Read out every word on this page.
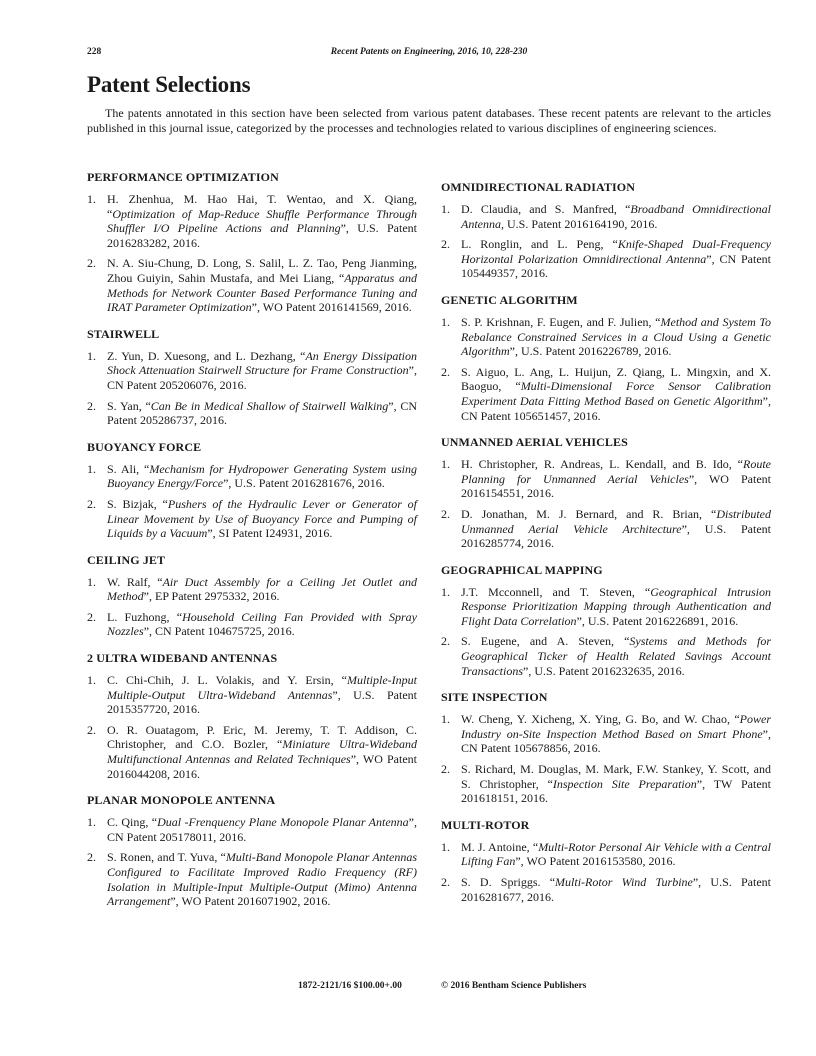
228	Recent Patents on Engineering, 2016, 10, 228-230
Patent Selections

The patents annotated in this section have been selected from various patent databases. These recent patents are relevant to the articles published in this journal issue, categorized by the processes and technologies related to various disciplines of engineering sciences.

PERFORMANCE OPTIMIZATION
1. H. Zhenhua, M. Hao Hai, T. Wentao, and X. Qiang, “Optimization of Map-Reduce Shuffle Performance Through Shuffler I/O Pipeline Actions and Planning”, U.S. Patent 2016283282, 2016.
2. N. A. Siu-Chung, D. Long, S. Salil, L. Z. Tao, Peng Jianming, Zhou Guiyin, Sahin Mustafa, and Mei Liang, “Apparatus and Methods for Network Counter Based Performance Tuning and IRAT Parameter Optimization”, WO Patent 2016141569, 2016.
STAIRWELL
1. Z. Yun, D. Xuesong, and L. Dezhang, “An Energy Dissipation Shock Attenuation Stairwell Structure for Frame Construction”, CN Patent 205206076, 2016.
2. S. Yan, “Can Be in Medical Shallow of Stairwell Walking”, CN Patent 205286737, 2016.
BUOYANCY FORCE
1. S. Ali, “Mechanism for Hydropower Generating System using Buoyancy Energy/Force”, U.S. Patent 2016281676, 2016.
2. S. Bizjak, “Pushers of the Hydraulic Lever or Generator of Linear Movement by Use of Buoyancy Force and Pumping of Liquids by a Vacuum”, SI Patent I24931, 2016.
CEILING JET
1. W. Ralf, “Air Duct Assembly for a Ceiling Jet Outlet and Method”, EP Patent 2975332, 2016.
2. L. Fuzhong, “Household Ceiling Fan Provided with Spray Nozzles”, CN Patent 104675725, 2016.
2 ULTRA WIDEBAND ANTENNAS
1. C. Chi-Chih, J. L. Volakis, and Y. Ersin, “Multiple-Input Multiple-Output Ultra-Wideband Antennas”, U.S. Patent 2015357720, 2016.
2. O. R. Ouatagom, P. Eric, M. Jeremy, T. T. Addison, C. Christopher, and C.O. Bozler, “Miniature Ultra-Wideband Multifunctional Antennas and Related Techniques”, WO Patent 2016044208, 2016.
PLANAR MONOPOLE ANTENNA
1. C. Qing, “Dual -Frenquency Plane Monopole Planar Antenna”, CN Patent 205178011, 2016.
2. S. Ronen, and T. Yuva, “Multi-Band Monopole Planar Antennas Configured to Facilitate Improved Radio Frequency (RF) Isolation in Multiple-Input Multiple-Output (Mimo) Antenna Arrangement”, WO Patent 2016071902, 2016.
OMNIDIRECTIONAL RADIATION
1. D. Claudia, and S. Manfred, “Broadband Omnidirectional Antenna, U.S. Patent 2016164190, 2016.
2. L. Ronglin, and L. Peng, “Knife-Shaped Dual-Frequency Horizontal Polarization Omnidirectional Antenna”, CN Patent 105449357, 2016.
GENETIC ALGORITHM
1. S. P. Krishnan, F. Eugen, and F. Julien, “Method and System To Rebalance Constrained Services in a Cloud Using a Genetic Algorithm”, U.S. Patent 2016226789, 2016.
2. S. Aiguo, L. Ang, L. Huijun, Z. Qiang, L. Mingxin, and X. Baoguo, “Multi-Dimensional Force Sensor Calibration Experiment Data Fitting Method Based on Genetic Algorithm”, CN Patent 105651457, 2016.
UNMANNED AERIAL VEHICLES
1. H. Christopher, R. Andreas, L. Kendall, and B. Ido, “Route Planning for Unmanned Aerial Vehicles”, WO Patent 2016154551, 2016.
2. D. Jonathan, M. J. Bernard, and R. Brian, “Distributed Unmanned Aerial Vehicle Architecture”, U.S. Patent 2016285774, 2016.
GEOGRAPHICAL MAPPING
1. J.T. Mcconnell, and T. Steven, “Geographical Intrusion Response Prioritization Mapping through Authentication and Flight Data Correlation”, U.S. Patent 2016226891, 2016.
2. S. Eugene, and A. Steven, “Systems and Methods for Geographical Ticker of Health Related Savings Account Transactions”, U.S. Patent 2016232635, 2016.
SITE INSPECTION
1. W. Cheng, Y. Xicheng, X. Ying, G. Bo, and W. Chao, “Power Industry on-Site Inspection Method Based on Smart Phone”, CN Patent 105678856, 2016.
2. S. Richard, M. Douglas, M. Mark, F.W. Stankey, Y. Scott, and S. Christopher, “Inspection Site Preparation”, TW Patent 201618151, 2016.
MULTI-ROTOR
1. M. J. Antoine, “Multi-Rotor Personal Air Vehicle with a Central Lifting Fan”, WO Patent 2016153580, 2016.
2. S. D. Spriggs. “Multi-Rotor Wind Turbine”, U.S. Patent 2016281677, 2016.
1872-2121/16 $100.00+.00	© 2016 Bentham Science Publishers
